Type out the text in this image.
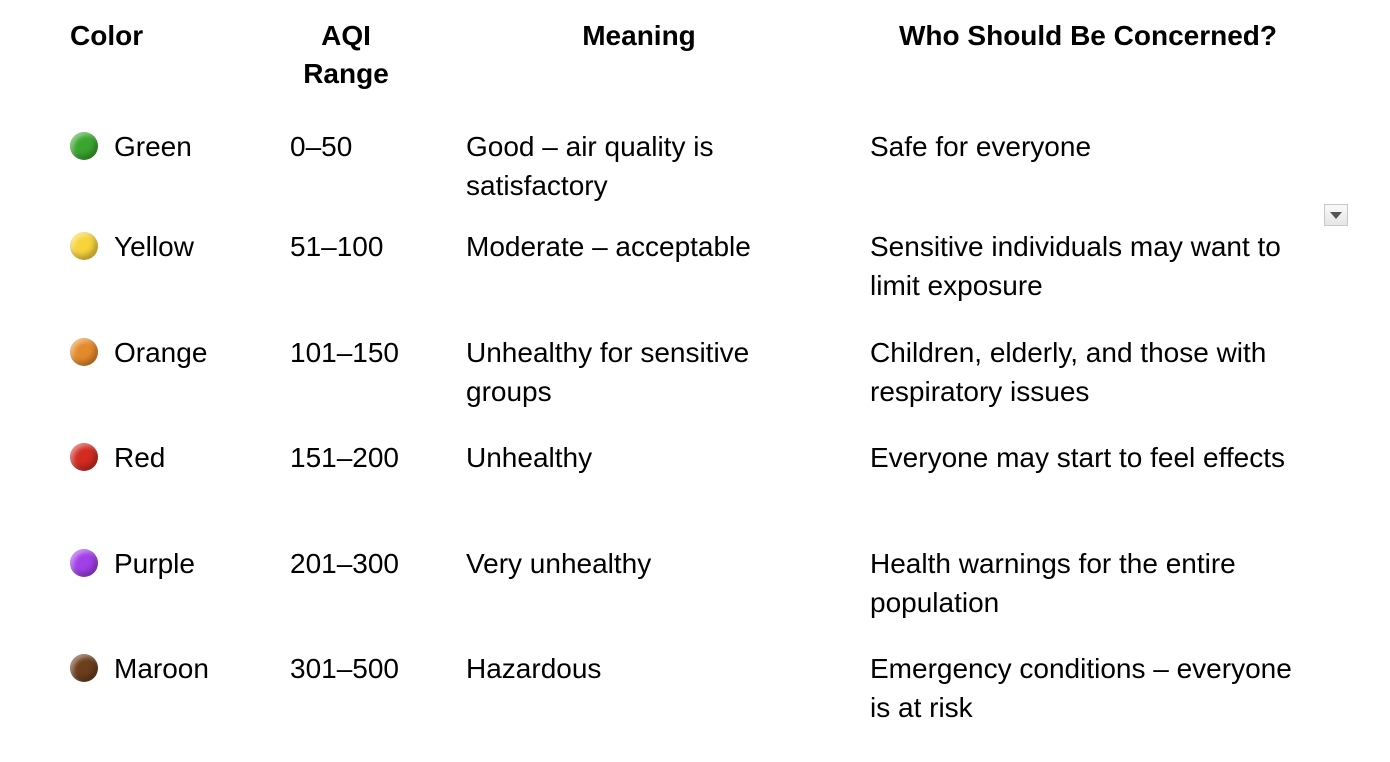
Color	AQI Range	Meaning	Who Should Be Concerned?
Green	0–50	Good – air quality is satisfactory	Safe for everyone
Yellow	51–100	Moderate – acceptable	Sensitive individuals may want to limit exposure

Orange	101–150	Unhealthy for sensitive groups	Children, elderly, and those with respiratory issues
Red	151–200	Unhealthy	Everyone may start to feel effects
Purple	201–300	Very unhealthy	Health warnings for the entire population
Maroon	301–500	Hazardous	Emergency conditions – everyone is at risk
